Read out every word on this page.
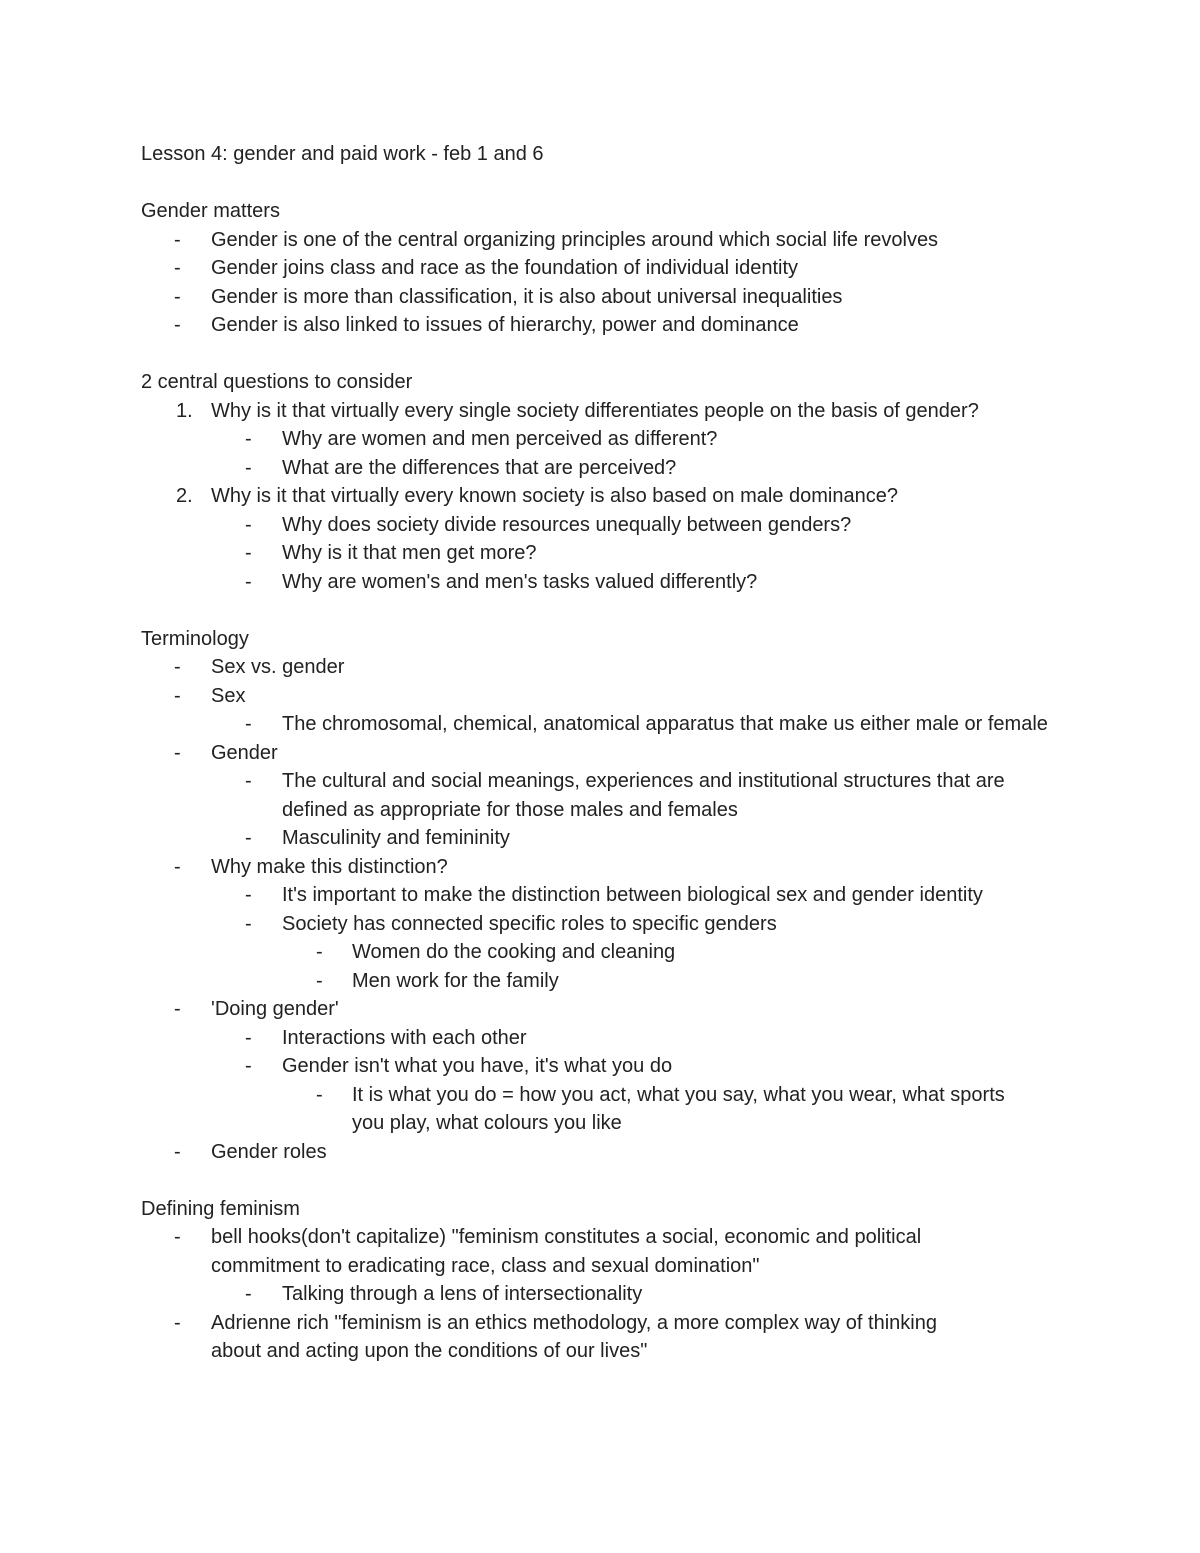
Lesson 4: gender and paid work - feb 1 and 6
Gender matters
-	Gender is one of the central organizing principles around which social life revolves
-	Gender joins class and race as the foundation of individual identity
-	Gender is more than classification, it is also about universal inequalities
-	Gender is also linked to issues of hierarchy, power and dominance
2 central questions to consider
1. Why is it that virtually every single society differentiates people on the basis of gender?
-	Why are women and men perceived as different?
-	What are the differences that are perceived?
2. Why is it that virtually every known society is also based on male dominance?
-	Why does society divide resources unequally between genders?
-	Why is it that men get more?
-	Why are women's and men's tasks valued differently?
Terminology
-	Sex vs. gender
-	Sex
-	The chromosomal, chemical, anatomical apparatus that make us either male or female
-	Gender
-	The cultural and social meanings, experiences and institutional structures that are defined as appropriate for those males and females
-	Masculinity and femininity
-	Why make this distinction?
-	It's important to make the distinction between biological sex and gender identity
-	Society has connected specific roles to specific genders
-	Women do the cooking and cleaning
-	Men work for the family
-	'Doing gender'
-	Interactions with each other
-	Gender isn't what you have, it's what you do
-	It is what you do = how you act, what you say, what you wear, what sports you play, what colours you like
-	Gender roles
Defining feminism
-	bell hooks(don't capitalize) "feminism constitutes a social, economic and political commitment to eradicating race, class and sexual domination"
-	Talking through a lens of intersectionality
-	Adrienne rich "feminism is an ethics methodology, a more complex way of thinking about and acting upon the conditions of our lives"
